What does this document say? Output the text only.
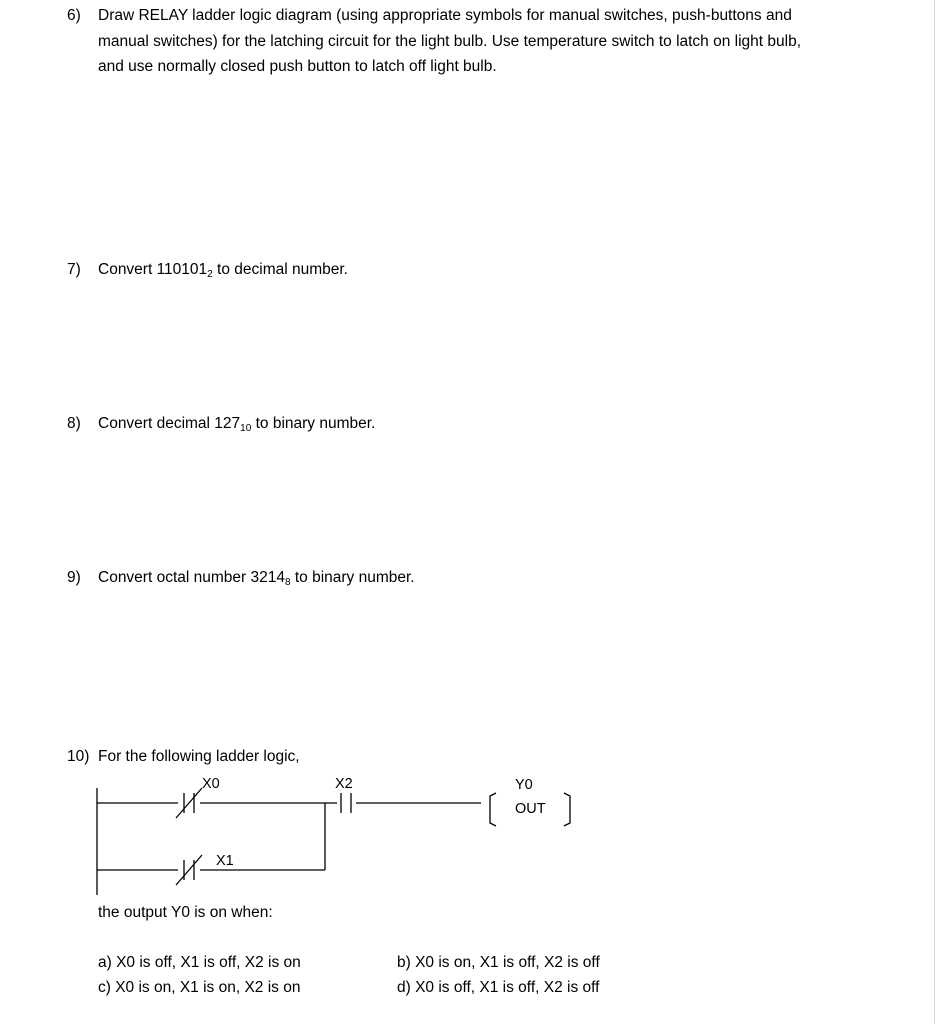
6) Draw RELAY ladder logic diagram (using appropriate symbols for manual switches, push-buttons and manual switches) for the latching circuit for the light bulb. Use temperature switch to latch on light bulb, and use normally closed push button to latch off light bulb.
7) Convert $110101_2$ to decimal number.
8) Convert decimal $127_{10}$ to binary number.
9) Convert octal number $3214_8$ to binary number.
10) For the following ladder logic,
X0
X1
X2	Y0
OUT
the output Y0 is on when:
a) X0 is off, X1 is off, X2 is on
c) X0 is on, X1 is on, X2 is on
b) X0 is on, X1 is off, X2 is off
d) X0 is off, X1 is off, X2 is off
